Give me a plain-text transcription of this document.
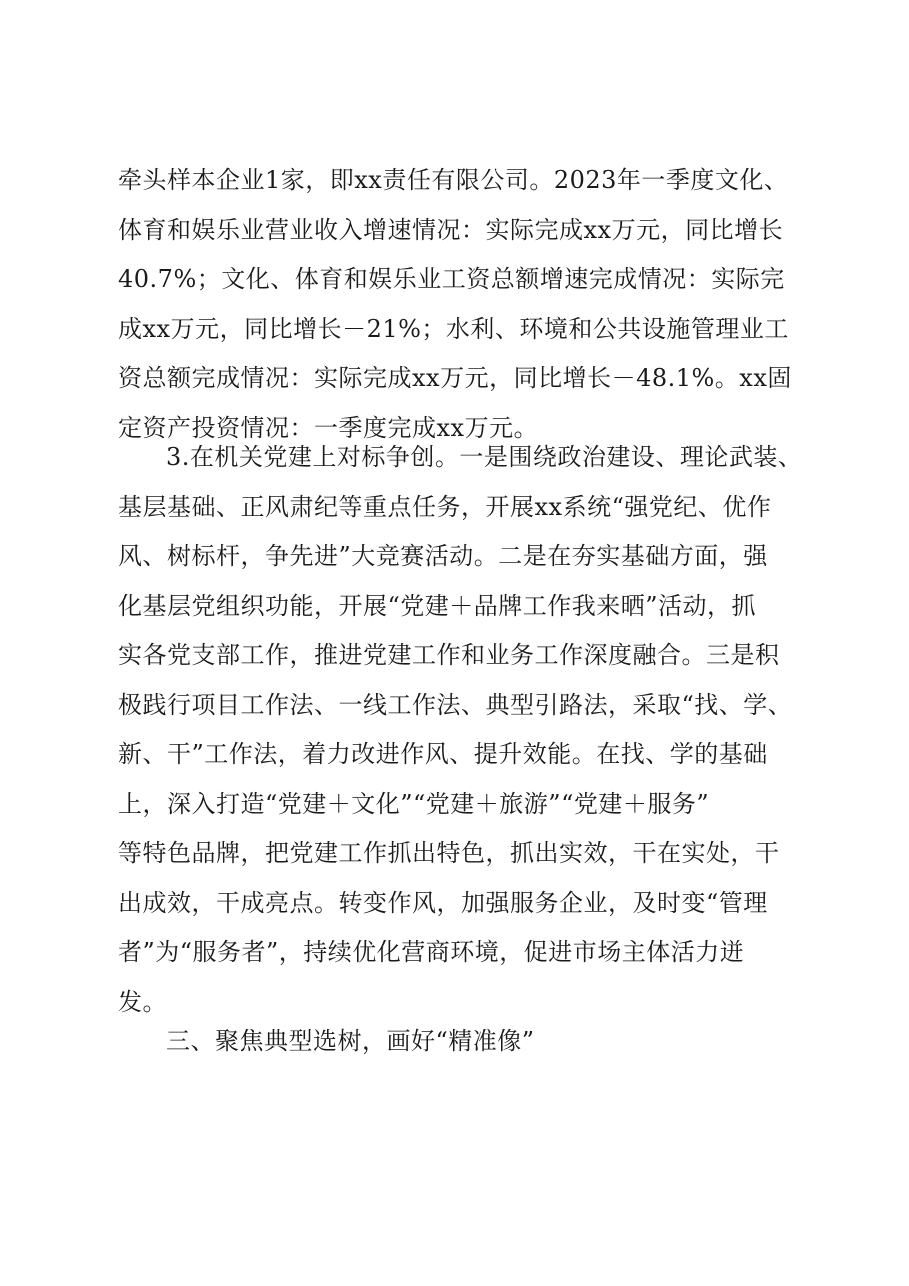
牵头样本企业1家，即xx责任有限公司。2023年一季度文化、
体育和娱乐业营业收入增速情况：实际完成xx万元，同比增长
40.7%；文化、体育和娱乐业工资总额增速完成情况：实际完
成xx万元，同比增长－21%；水利、环境和公共设施管理业工
资总额完成情况：实际完成xx万元，同比增长－48.1%。xx固
定资产投资情况：一季度完成xx万元。
3.在机关党建上对标争创。一是围绕政治建设、理论武装、
基层基础、正风肃纪等重点任务，开展xx系统“强党纪、优作
风、树标杆，争先进”大竞赛活动。二是在夯实基础方面，强
化基层党组织功能，开展“党建＋品牌工作我来晒”活动，抓
实各党支部工作，推进党建工作和业务工作深度融合。三是积
极践行项目工作法、一线工作法、典型引路法，采取“找、学、
新、干”工作法，着力改进作风、提升效能。在找、学的基础
上，深入打造“党建＋文化”“党建＋旅游”“党建＋服务”
等特色品牌，把党建工作抓出特色，抓出实效，干在实处，干
出成效，干成亮点。转变作风，加强服务企业，及时变“管理
者”为“服务者”，持续优化营商环境，促进市场主体活力迸
发。
三、聚焦典型选树，画好“精准像”
